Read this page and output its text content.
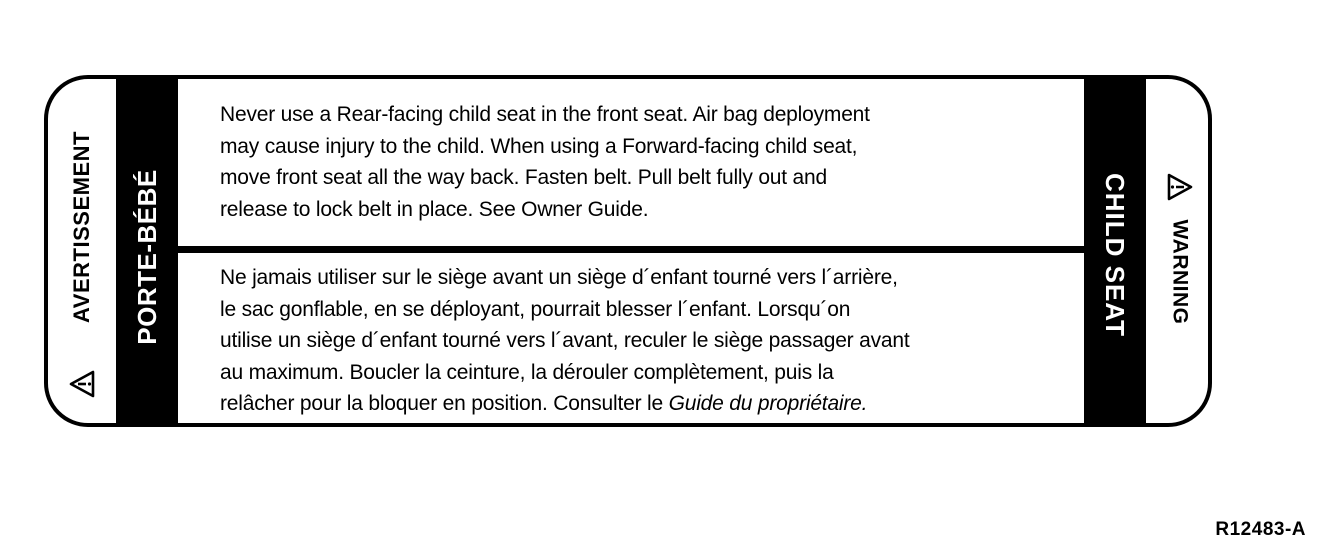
AVERTISSEMENT PORTE-BÉBÉ

Never use a Rear-facing child seat in the front seat. Air bag deployment
may cause injury to the child. When using a Forward-facing child seat,
move front seat all the way back. Fasten belt. Pull belt fully out and
release to lock belt in place. See Owner Guide.

Ne jamais utiliser sur le siège avant un siège d´enfant tourné vers l´arrière,
le sac gonflable, en se déployant, pourrait blesser l´enfant. Lorsqu´on
utilise un siège d´enfant tourné vers l´avant, reculer le siège passager avant
au maximum. Boucler la ceinture, la dérouler complètement, puis la
relâcher pour la bloquer en position. Consulter le Guide du propriétaire.

CHILD SEAT WARNING
R12483-A
